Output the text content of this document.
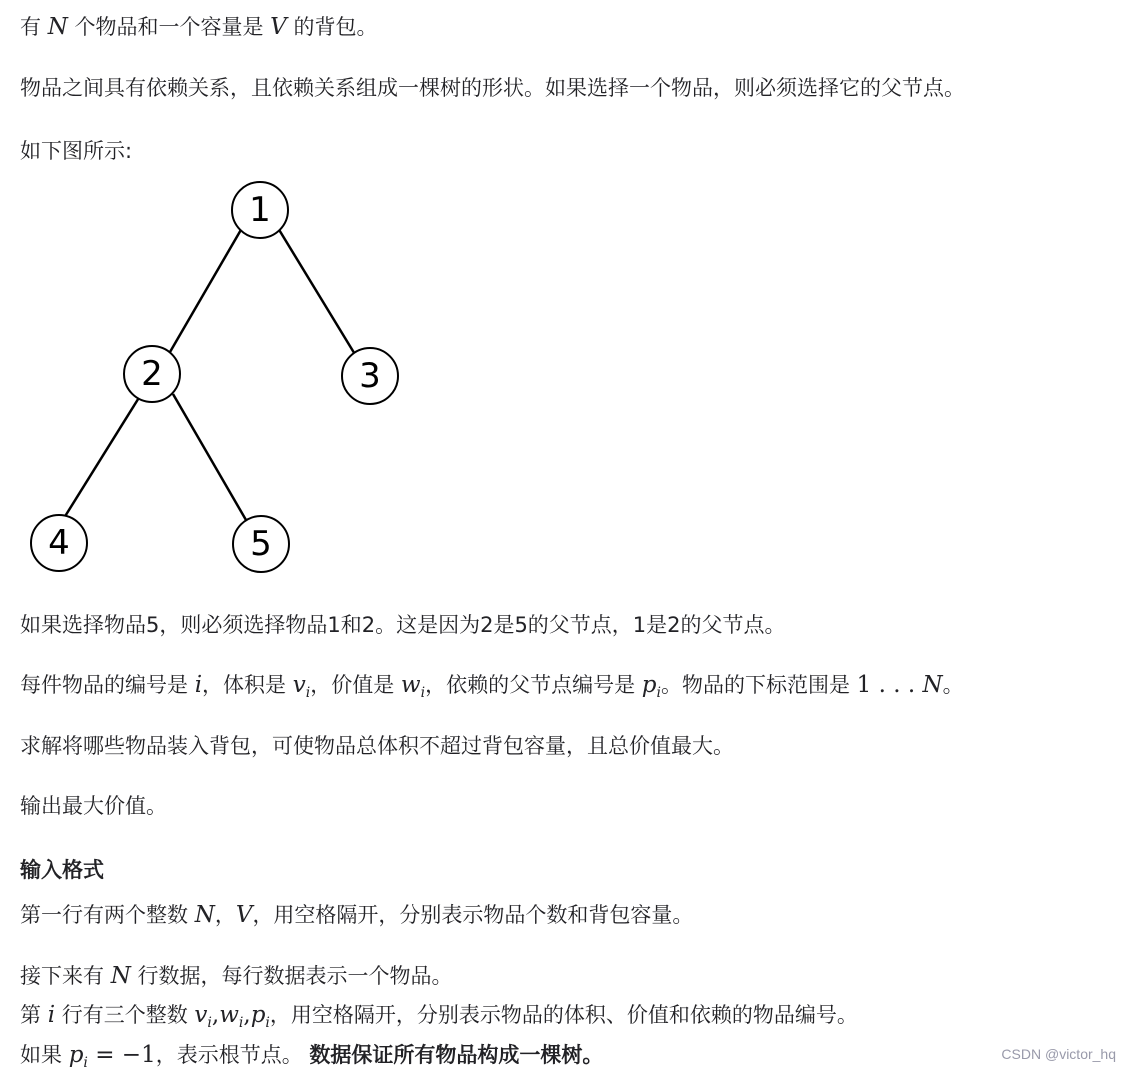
有 N 个物品和一个容量是 V 的背包。
物品之间具有依赖关系，且依赖关系组成一棵树的形状。如果选择一个物品，则必须选择它的父节点。
如下图所示:
1
2	3
4	5
如果选择物品5，则必须选择物品1和2。这是因为2是5的父节点，1是2的父节点。
每件物品的编号是 i，体积是 $v_i$，价值是 $w_i$，依赖的父节点编号是 $p_i$。物品的下标范围是 1 . . . N。
求解将哪些物品装入背包，可使物品总体积不超过背包容量，且总价值最大。
输出最大价值。
输入格式
第一行有两个整数 N，V，用空格隔开，分别表示物品个数和背包容量。
接下来有 N 行数据，每行数据表示一个物品。
第 i 行有三个整数 $v_i,w_i,p_i$，用空格隔开，分别表示物品的体积、价值和依赖的物品编号。
如果 $p_i = -1$，表示根节点。 数据保证所有物品构成一棵树。	CSDN @victor_hq
